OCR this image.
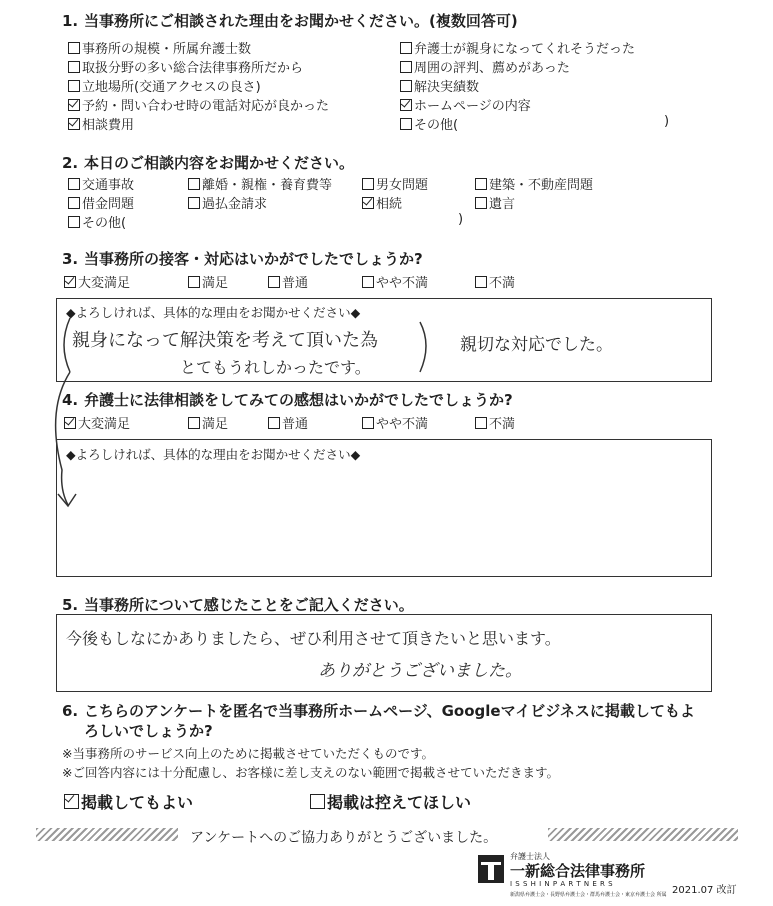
1. 当事務所にご相談された理由をお聞かせください。(複数回答可)
事務所の規模・所属弁護士数
取扱分野の多い総合法律事務所だから
立地場所(交通アクセスの良さ)
予約・問い合わせ時の電話対応が良かった
相談費用
弁護士が親身になってくれそうだった
周囲の評判、薦めがあった
解決実績数
ホームページの内容
その他(	)
2. 本日のご相談内容をお聞かせください。
交通事故	離婚・親権・養育費等	男女問題	建築・不動産問題
借金問題	過払金請求	相続	遺言
その他(	)
3. 当事務所の接客・対応はいかがでしたでしょうか?
大変満足	満足	普通	やや不満	不満
◆よろしければ、具体的な理由をお聞かせください◆
親身になって解決策を考えて頂いた為
とてもうれしかったです。
親切な対応でした。
4. 弁護士に法律相談をしてみての感想はいかがでしたでしょうか?
大変満足	満足	普通	やや不満	不満
◆よろしければ、具体的な理由をお聞かせください◆
5. 当事務所について感じたことをご記入ください。
今後もしなにかありましたら、ぜひ利用させて頂きたいと思います。
ありがとうございました。
6. こちらのアンケートを匿名で当事務所ホームページ、Googleマイビジネスに掲載してもよ
ろしいでしょうか?
※当事務所のサービス向上のために掲載させていただくものです。
※ご回答内容には十分配慮し、お客様に差し支えのない範囲で掲載させていただきます。
掲載してもよい	掲載は控えてほしい
アンケートへのご協力ありがとうございました。
弁護士法人
一新総合法律事務所
I S S H I N P A R T N E R S
新潟県弁護士会・長野県弁護士会・群馬弁護士会・東京弁護士会 所属 2021.07 改訂
